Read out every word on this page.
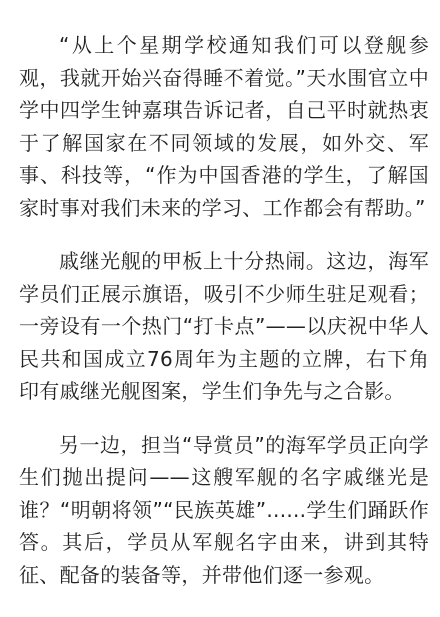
“从上个星期学校通知我们可以登舰参观，我就开始兴奋得睡不着觉。”天水围官立中学中四学生钟嘉琪告诉记者，自己平时就热衷于了解国家在不同领域的发展，如外交、军事、科技等，“作为中国香港的学生，了解国家时事对我们未来的学习、工作都会有帮助。”

戚继光舰的甲板上十分热闹。这边，海军学员们正展示旗语，吸引不少师生驻足观看；一旁设有一个热门“打卡点”——以庆祝中华人民共和国成立76周年为主题的立牌，右下角印有戚继光舰图案，学生们争先与之合影。

另一边，担当“导赏员”的海军学员正向学生们抛出提问——这艘军舰的名字戚继光是谁？“明朝将领”“民族英雄”......学生们踊跃作答。其后，学员从军舰名字由来，讲到其特征、配备的装备等，并带他们逐一参观。
